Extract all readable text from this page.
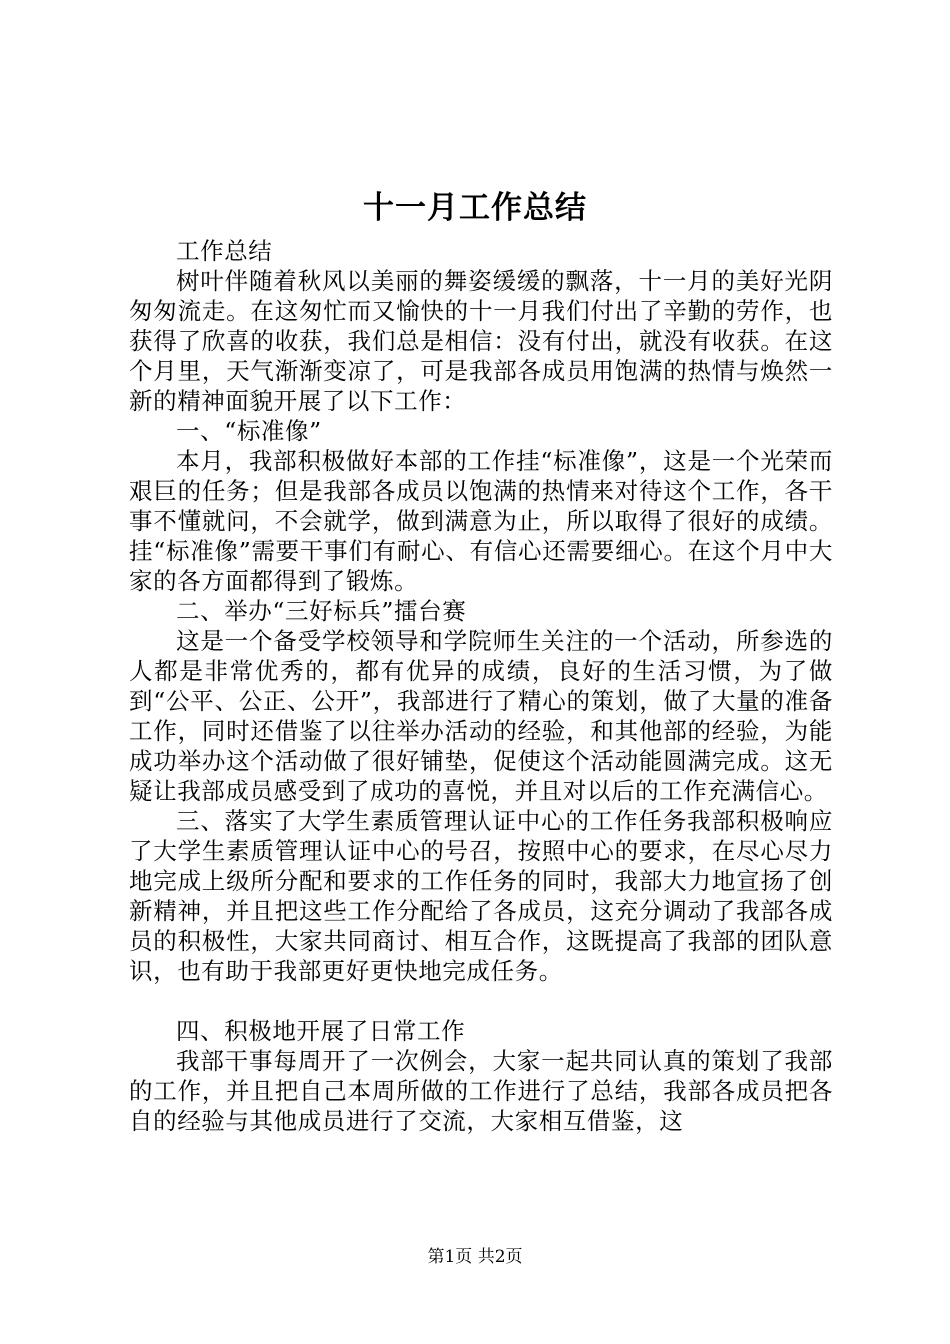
十一月工作总结

工作总结

树叶伴随着秋风以美丽的舞姿缓缓的飘落，十一月的美好光阴匆匆流走。在这匆忙而又愉快的十一月我们付出了辛勤的劳作，也获得了欣喜的收获，我们总是相信：没有付出，就没有收获。在这个月里，天气渐渐变凉了，可是我部各成员用饱满的热情与焕然一新的精神面貌开展了以下工作：

一、“标准像”

本月，我部积极做好本部的工作挂“标准像”，这是一个光荣而艰巨的任务；但是我部各成员以饱满的热情来对待这个工作，各干事不懂就问，不会就学，做到满意为止，所以取得了很好的成绩。挂“标准像”需要干事们有耐心、有信心还需要细心。在这个月中大家的各方面都得到了锻炼。

二、举办“三好标兵”擂台赛

这是一个备受学校领导和学院师生关注的一个活动，所参选的人都是非常优秀的，都有优异的成绩，良好的生活习惯，为了做到“公平、公正、公开”，我部进行了精心的策划，做了大量的准备工作，同时还借鉴了以往举办活动的经验，和其他部的经验，为能成功举办这个活动做了很好铺垫，促使这个活动能圆满完成。这无疑让我部成员感受到了成功的喜悦，并且对以后的工作充满信心。

三、落实了大学生素质管理认证中心的工作任务我部积极响应了大学生素质管理认证中心的号召，按照中心的要求，在尽心尽力地完成上级所分配和要求的工作任务的同时，我部大力地宣扬了创新精神，并且把这些工作分配给了各成员，这充分调动了我部各成员的积极性，大家共同商讨、相互合作，这既提高了我部的团队意识，也有助于我部更好更快地完成任务。

四、积极地开展了日常工作

我部干事每周开了一次例会，大家一起共同认真的策划了我部的工作，并且把自己本周所做的工作进行了总结，我部各成员把各自的经验与其他成员进行了交流，大家相互借鉴，这

第1页 共2页
